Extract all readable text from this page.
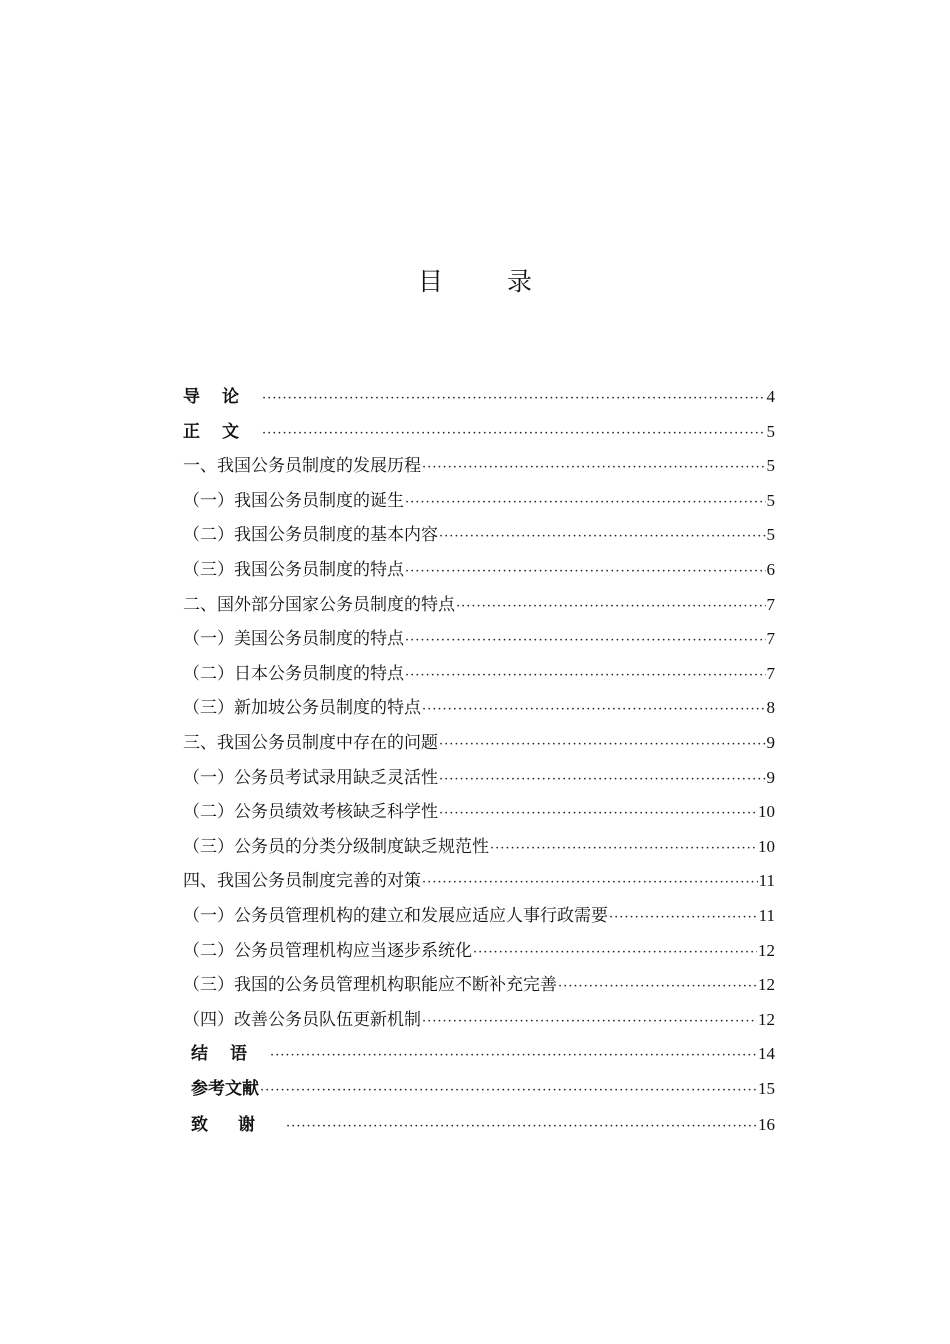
目 录
导论 ·····	4
正文 ·····	5
一、我国公务员制度的发展历程 ·····	5
（一）我国公务员制度的诞生 ·····	5
（二）我国公务员制度的基本内容 ·····	5
（三）我国公务员制度的特点 ·····	6
二、国外部分国家公务员制度的特点 ·····	7
（一）美国公务员制度的特点 ·····	7
（二）日本公务员制度的特点 ·····	7
（三）新加坡公务员制度的特点 ·····	8
三、我国公务员制度中存在的问题 ·····	9
（一）公务员考试录用缺乏灵活性 ·····	9
（二）公务员绩效考核缺乏科学性 ·····	10
（三）公务员的分类分级制度缺乏规范性 ·····	10
四、我国公务员制度完善的对策 ·····	11
（一）公务员管理机构的建立和发展应适应人事行政需要 ·····	11
（二）公务员管理机构应当逐步系统化 ·····	12
（三）我国的公务员管理机构职能应不断补充完善 ·····	12
（四）改善公务员队伍更新机制 ·····	12
结语 ·····	14
参考文献 ·····	15
致谢 ·····	16
